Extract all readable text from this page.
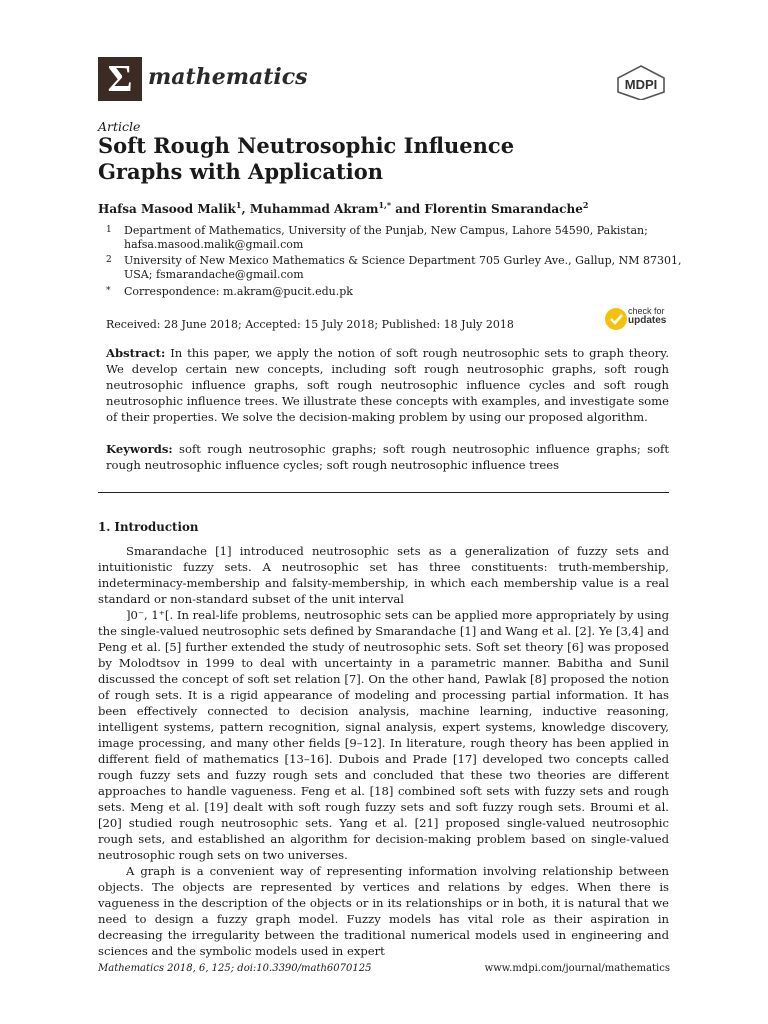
Σ mathematics	MDPI
Article
Soft Rough Neutrosophic Influence Graphs with Application
Hafsa Masood Malik$^1$, Muhammad Akram$^{1,*}$ and Florentin Smarandache$^2$
1 Department of Mathematics, University of the Punjab, New Campus, Lahore 54590, Pakistan; hafsa.masood.malik@gmail.com
2 University of New Mexico Mathematics & Science Department 705 Gurley Ave., Gallup, NM 87301, USA; fsmarandache@gmail.com
* Correspondence: m.akram@pucit.edu.pk
Received: 28 June 2018; Accepted: 15 July 2018; Published: 18 July 2018
check for
updates
Abstract: In this paper, we apply the notion of soft rough neutrosophic sets to graph theory. We develop certain new concepts, including soft rough neutrosophic graphs, soft rough neutrosophic influence graphs, soft rough neutrosophic influence cycles and soft rough neutrosophic influence trees. We illustrate these concepts with examples, and investigate some of their properties. We solve the decision-making problem by using our proposed algorithm.
Keywords: soft rough neutrosophic graphs; soft rough neutrosophic influence graphs; soft rough neutrosophic influence cycles; soft rough neutrosophic influence trees
1. Introduction

Smarandache [1] introduced neutrosophic sets as a generalization of fuzzy sets and intuitionistic fuzzy sets. A neutrosophic set has three constituents: truth-membership, indeterminacy-membership and falsity-membership, in which each membership value is a real standard or non-standard subset of the unit interval

]0⁻, 1⁺[. In real-life problems, neutrosophic sets can be applied more appropriately by using the single-valued neutrosophic sets defined by Smarandache [1] and Wang et al. [2]. Ye [3,4] and Peng et al. [5] further extended the study of neutrosophic sets. Soft set theory [6] was proposed by Molodtsov in 1999 to deal with uncertainty in a parametric manner. Babitha and Sunil discussed the concept of soft set relation [7]. On the other hand, Pawlak [8] proposed the notion of rough sets. It is a rigid appearance of modeling and processing partial information. It has been effectively connected to decision analysis, machine learning, inductive reasoning, intelligent systems, pattern recognition, signal analysis, expert systems, knowledge discovery, image processing, and many other fields [9–12]. In literature, rough theory has been applied in different field of mathematics [13–16]. Dubois and Prade [17] developed two concepts called rough fuzzy sets and fuzzy rough sets and concluded that these two theories are different approaches to handle vagueness. Feng et al. [18] combined soft sets with fuzzy sets and rough sets. Meng et al. [19] dealt with soft rough fuzzy sets and soft fuzzy rough sets. Broumi et al. [20] studied rough neutrosophic sets. Yang et al. [21] proposed single-valued neutrosophic rough sets, and established an algorithm for decision-making problem based on single-valued neutrosophic rough sets on two universes.

A graph is a convenient way of representing information involving relationship between objects. The objects are represented by vertices and relations by edges. When there is vagueness in the description of the objects or in its relationships or in both, it is natural that we need to design a fuzzy graph model. Fuzzy models has vital role as their aspiration in decreasing the irregularity between the traditional numerical models used in engineering and sciences and the symbolic models used in expert

Mathematics 2018, 6, 125; doi:10.3390/math6070125	www.mdpi.com/journal/mathematics
